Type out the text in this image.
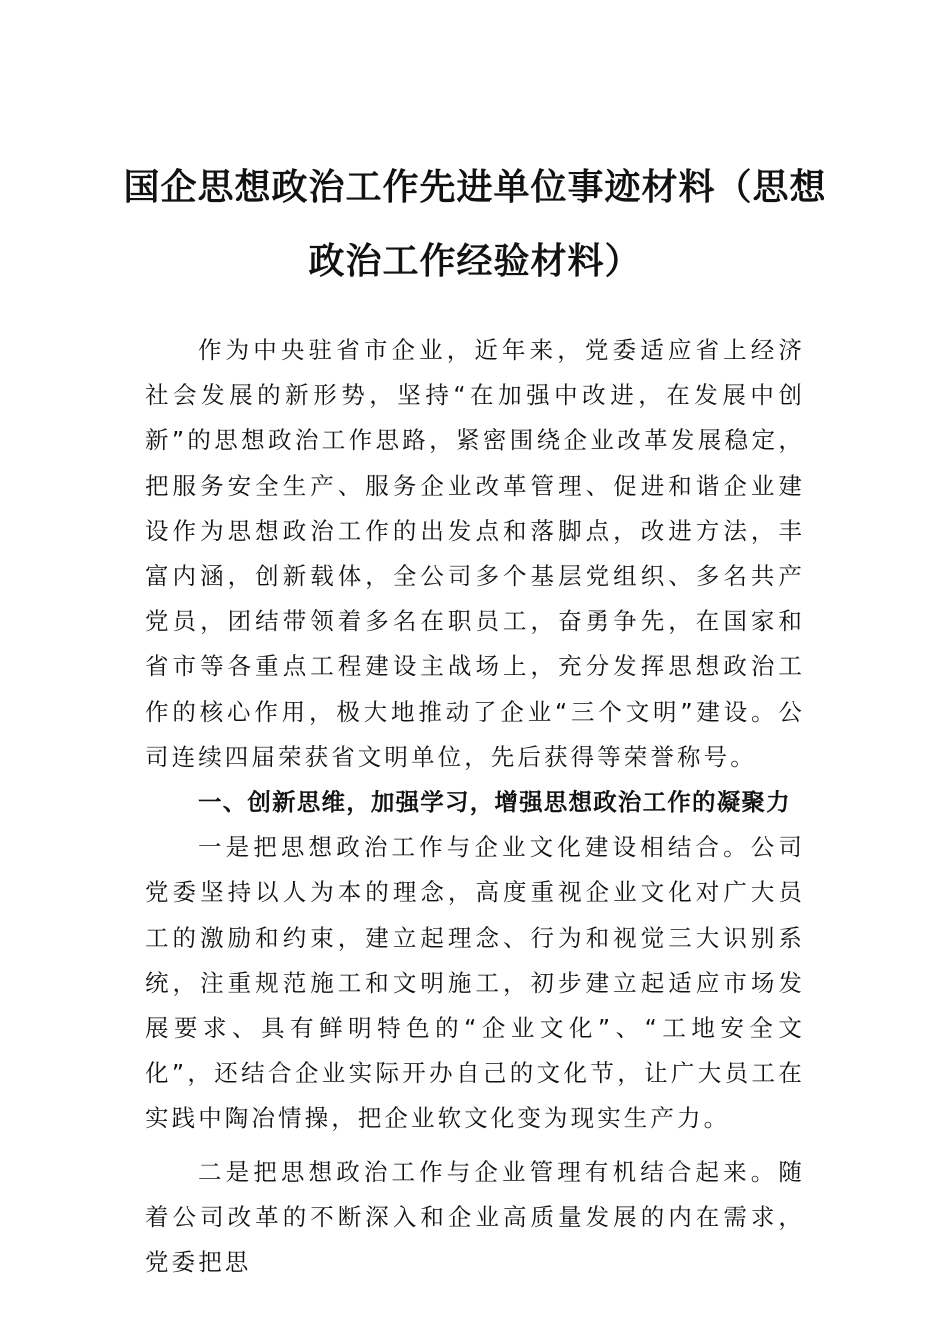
国企思想政治工作先进单位事迹材料（思想政治工作经验材料）

作为中央驻省市企业，近年来，党委适应省上经济社会发展的新形势，坚持“在加强中改进，在发展中创新”的思想政治工作思路，紧密围绕企业改革发展稳定，把服务安全生产、服务企业改革管理、促进和谐企业建设作为思想政治工作的出发点和落脚点，改进方法，丰富内涵，创新载体，全公司多个基层党组织、多名共产党员，团结带领着多名在职员工，奋勇争先，在国家和省市等各重点工程建设主战场上，充分发挥思想政治工作的核心作用，极大地推动了企业“三个文明”建设。公司连续四届荣获省文明单位，先后获得等荣誉称号。

一、创新思维，加强学习，增强思想政治工作的凝聚力

一是把思想政治工作与企业文化建设相结合。公司党委坚持以人为本的理念，高度重视企业文化对广大员工的激励和约束，建立起理念、行为和视觉三大识别系统，注重规范施工和文明施工，初步建立起适应市场发展要求、具有鲜明特色的“企业文化”、“工地安全文化”，还结合企业实际开办自己的文化节，让广大员工在实践中陶冶情操，把企业软文化变为现实生产力。

二是把思想政治工作与企业管理有机结合起来。随着公司改革的不断深入和企业高质量发展的内在需求，党委把思
